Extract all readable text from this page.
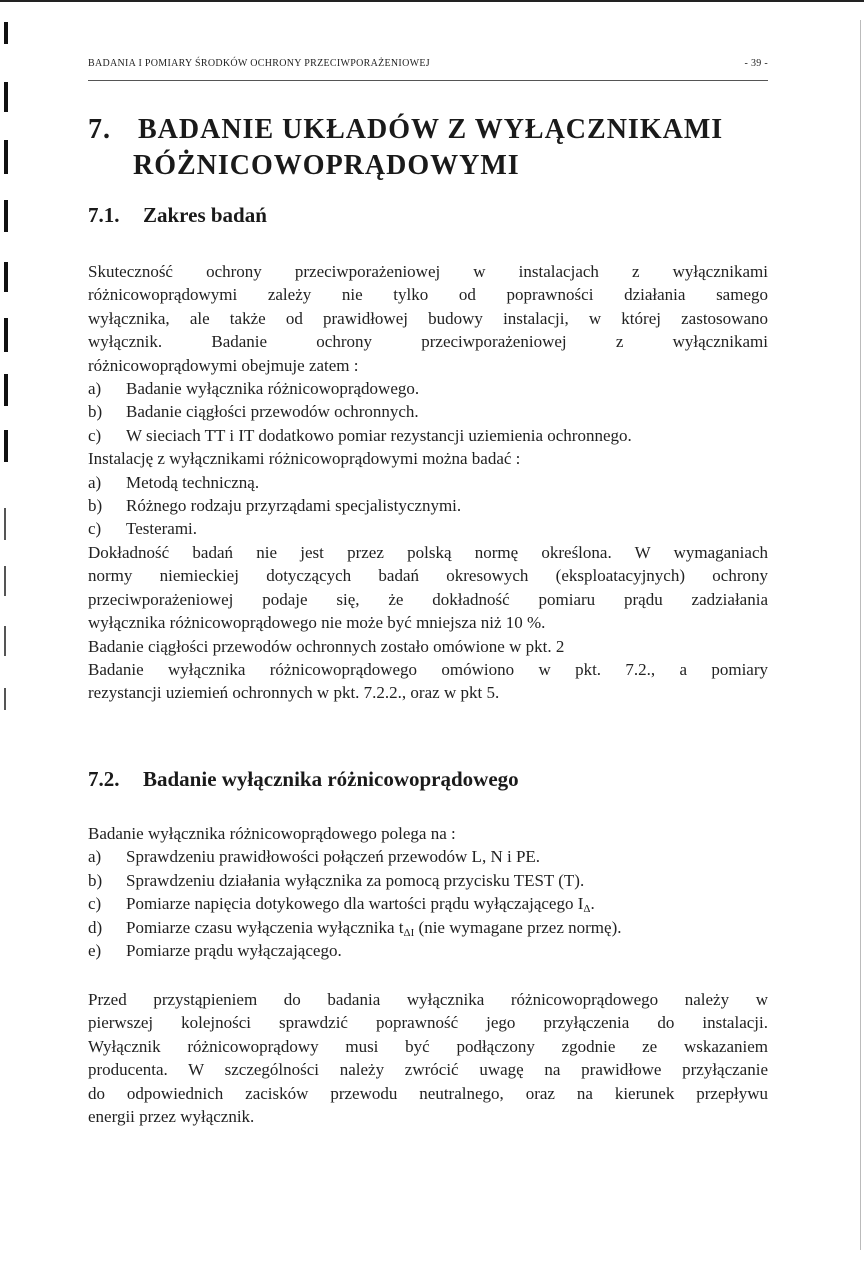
BADANIA I POMIARY ŚRODKÓW OCHRONY PRZECIWPORAŻENIOWEJ	- 39 -
7. BADANIE UKŁADÓW Z WYŁĄCZNIKAMI
RÓŻNICOWOPRĄDOWYMI
7.1. Zakres badań

Skuteczność ochrony przeciwporażeniowej w instalacjach z wyłącznikami

różnicowoprądowymi zależy nie tylko od poprawności działania samego

wyłącznika, ale także od prawidłowej budowy instalacji, w której zastosowano

wyłącznik. Badanie ochrony przeciwporażeniowej z wyłącznikami

różnicowoprądowymi obejmuje zatem :

a) Badanie wyłącznika różnicowoprądowego.

b) Badanie ciągłości przewodów ochronnych.

c) W sieciach TT i IT dodatkowo pomiar rezystancji uziemienia ochronnego.

Instalację z wyłącznikami różnicowoprądowymi można badać :

a) Metodą techniczną.

b) Różnego rodzaju przyrządami specjalistycznymi.

c) Testerami.

Dokładność badań nie jest przez polską normę określona. W wymaganiach

normy niemieckiej dotyczących badań okresowych (eksploatacyjnych) ochrony

przeciwporażeniowej podaje się, że dokładność pomiaru prądu zadziałania

wyłącznika różnicowoprądowego nie może być mniejsza niż 10 %.

Badanie ciągłości przewodów ochronnych zostało omówione w pkt. 2

Badanie wyłącznika różnicowoprądowego omówiono w pkt. 7.2., a pomiary

rezystancji uziemień ochronnych w pkt. 7.2.2., oraz w pkt 5.

7.2. Badanie wyłącznika różnicowoprądowego

Badanie wyłącznika różnicowoprądowego polega na :

a) Sprawdzeniu prawidłowości połączeń przewodów L, N i PE.

b) Sprawdzeniu działania wyłącznika za pomocą przycisku TEST (T).

c) Pomiarze napięcia dotykowego dla wartości prądu wyłączającego $I_\Delta$.

d) Pomiarze czasu wyłączenia wyłącznika $t_{\Delta I}$ (nie wymagane przez normę).

e) Pomiarze prądu wyłączającego.

Przed przystąpieniem do badania wyłącznika różnicowoprądowego należy w

pierwszej kolejności sprawdzić poprawność jego przyłączenia do instalacji.

Wyłącznik różnicowoprądowy musi być podłączony zgodnie ze wskazaniem

producenta. W szczególności należy zwrócić uwagę na prawidłowe przyłączanie

do odpowiednich zacisków przewodu neutralnego, oraz na kierunek przepływu

energii przez wyłącznik.
